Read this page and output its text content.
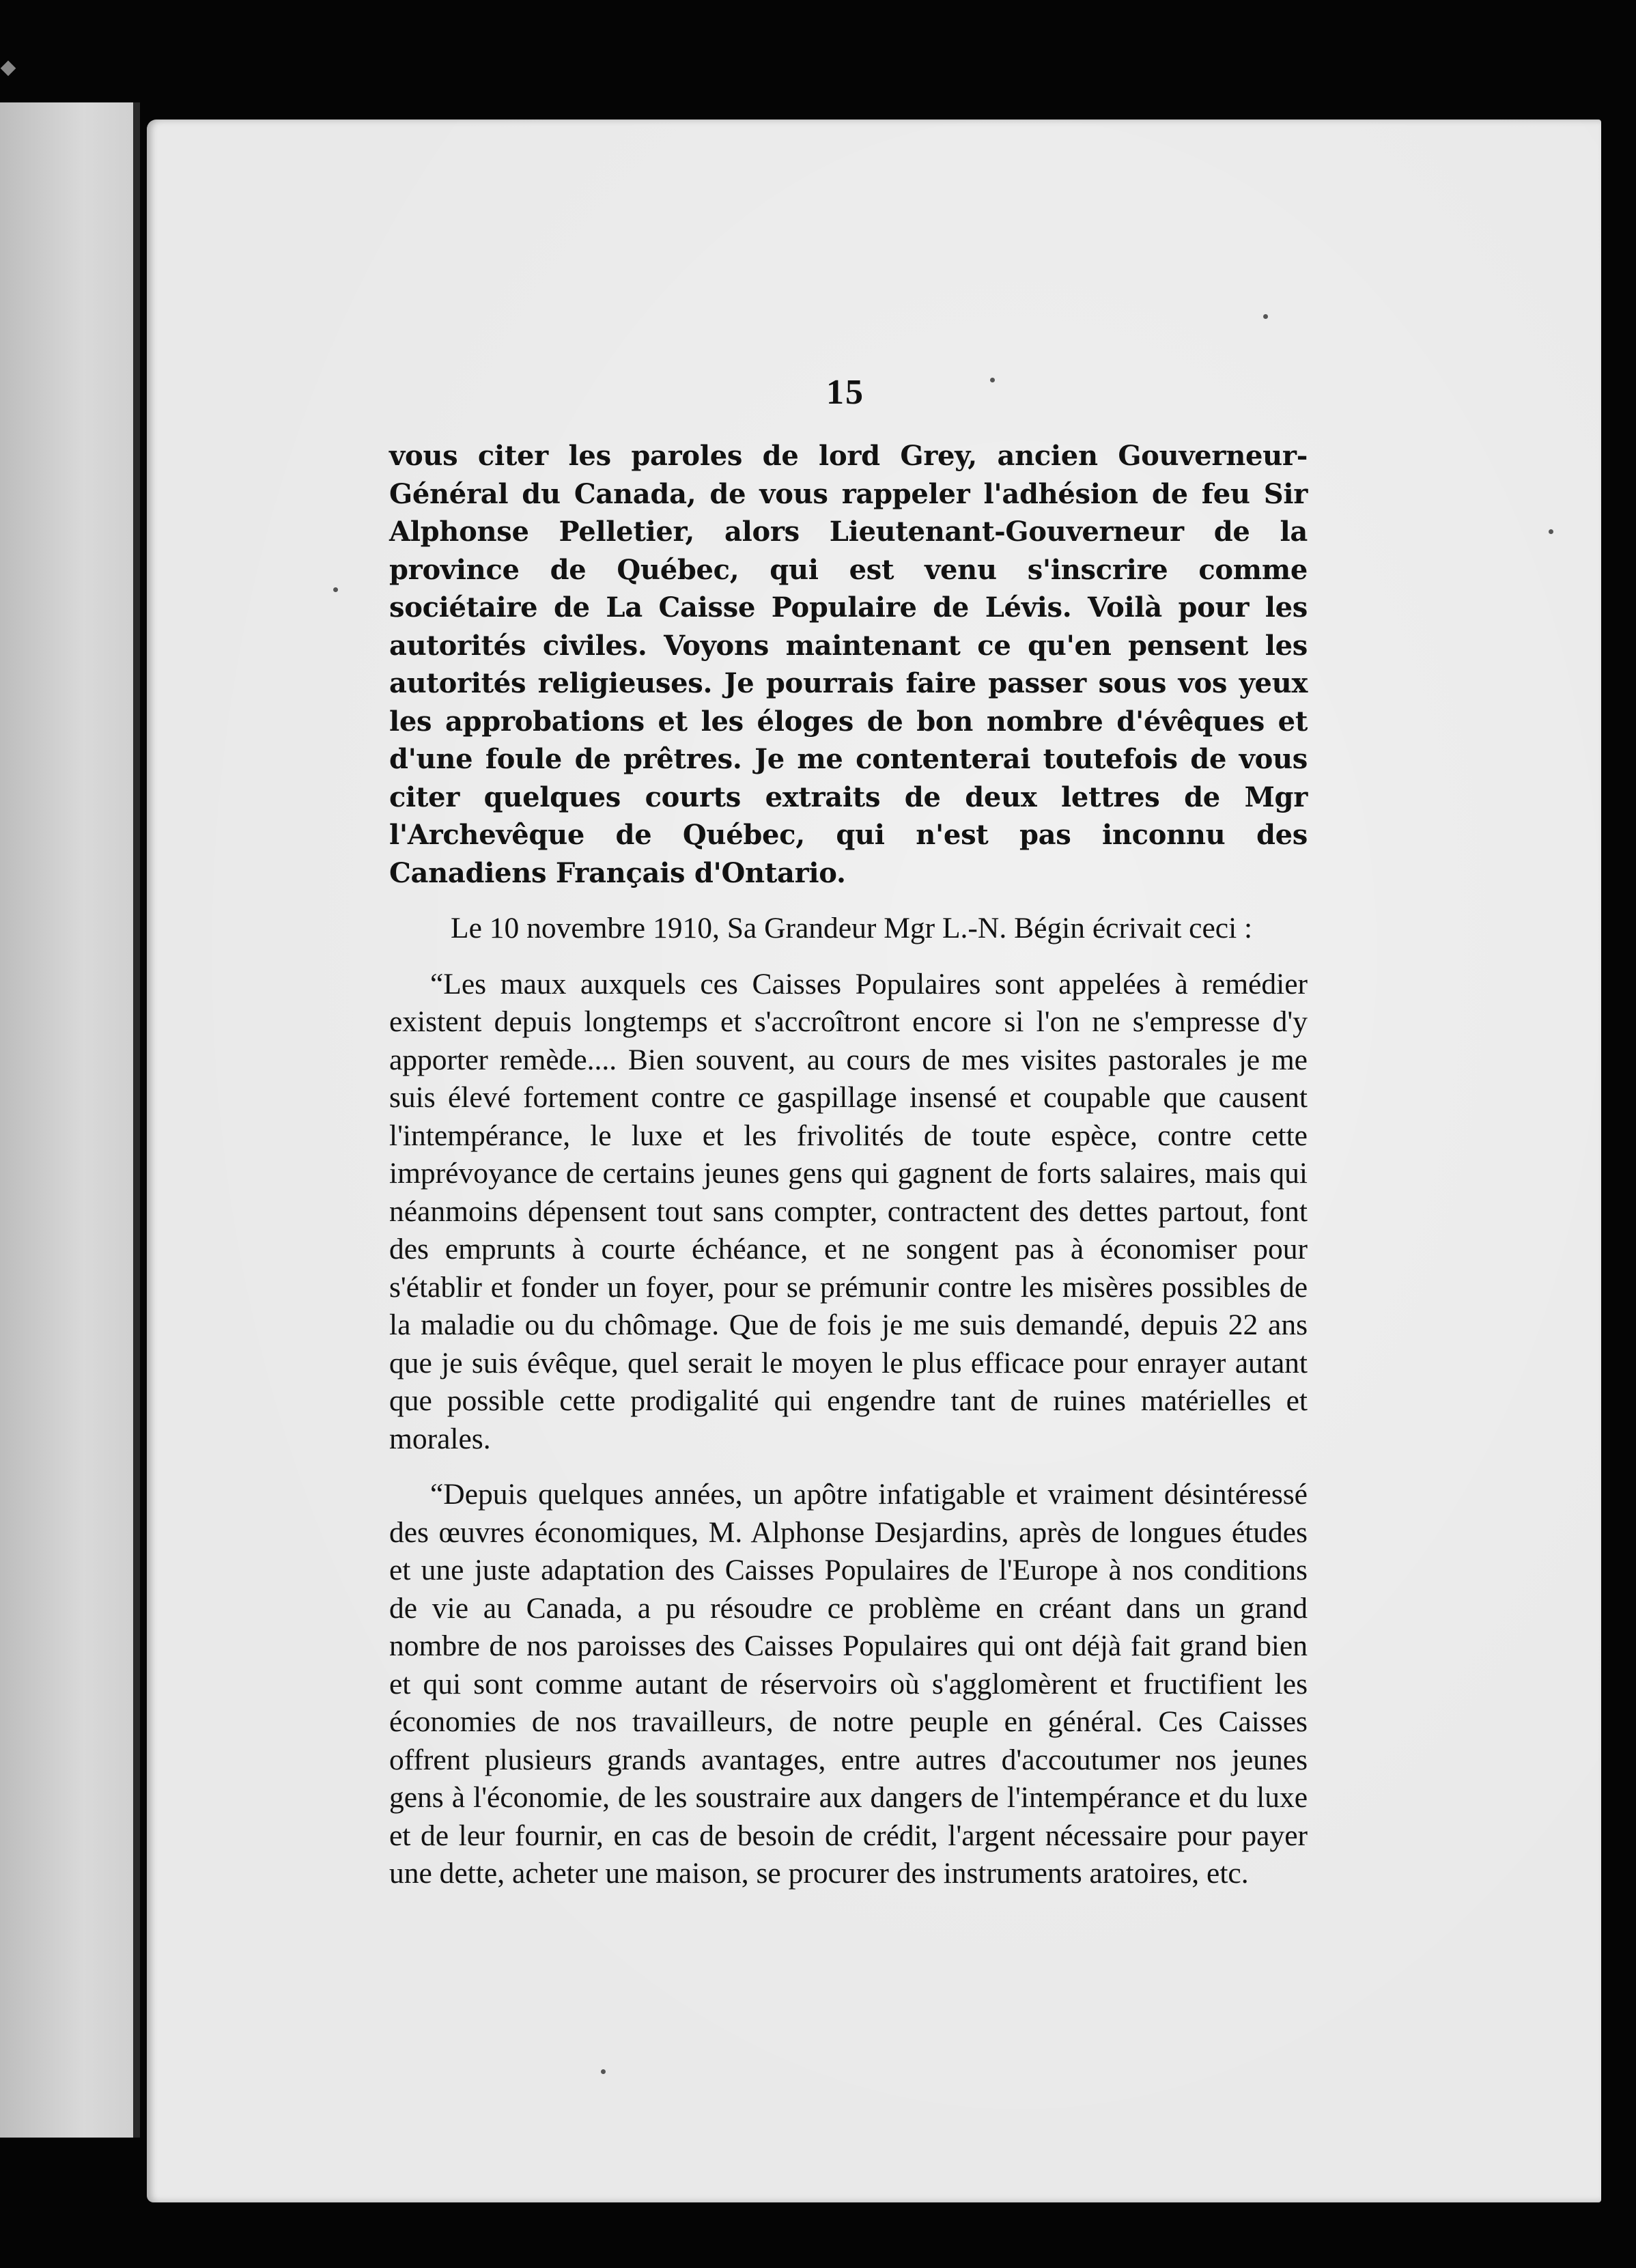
15

vous citer les paroles de lord Grey, ancien Gouverneur-Général du Canada, de vous rappeler l'adhésion de feu Sir Alphonse Pelletier, alors Lieutenant-Gouverneur de la province de Québec, qui est venu s'inscrire comme sociétaire de La Caisse Populaire de Lévis. Voilà pour les autorités civiles. Voyons maintenant ce qu'en pensent les autorités religieuses. Je pourrais faire passer sous vos yeux les approbations et les éloges de bon nombre d'évêques et d'une foule de prêtres. Je me contenterai toutefois de vous citer quelques courts extraits de deux lettres de Mgr l'Archevêque de Québec, qui n'est pas inconnu des Canadiens Français d'Ontario.

Le 10 novembre 1910, Sa Grandeur Mgr L.-N. Bégin écrivait ceci :

“Les maux auxquels ces Caisses Populaires sont appelées à remédier existent depuis longtemps et s'accroîtront encore si l'on ne s'empresse d'y apporter remède.... Bien souvent, au cours de mes visites pastorales je me suis élevé fortement contre ce gaspillage insensé et coupable que causent l'intempérance, le luxe et les frivolités de toute espèce, contre cette imprévoyance de certains jeunes gens qui gagnent de forts salaires, mais qui néanmoins dépensent tout sans compter, contractent des dettes partout, font des emprunts à courte échéance, et ne songent pas à économiser pour s'établir et fonder un foyer, pour se prémunir contre les misères possibles de la maladie ou du chômage. Que de fois je me suis demandé, depuis 22 ans que je suis évêque, quel serait le moyen le plus efficace pour enrayer autant que possible cette prodigalité qui engendre tant de ruines matérielles et morales.

“Depuis quelques années, un apôtre infatigable et vraiment désintéressé des œuvres économiques, M. Alphonse Desjardins, après de longues études et une juste adaptation des Caisses Populaires de l'Europe à nos conditions de vie au Canada, a pu résoudre ce problème en créant dans un grand nombre de nos paroisses des Caisses Populaires qui ont déjà fait grand bien et qui sont comme autant de réservoirs où s'agglomèrent et fructifient les économies de nos travailleurs, de notre peuple en général. Ces Caisses offrent plusieurs grands avantages, entre autres d'accoutumer nos jeunes gens à l'économie, de les soustraire aux dangers de l'intempérance et du luxe et de leur fournir, en cas de besoin de crédit, l'argent nécessaire pour payer une dette, acheter une maison, se procurer des instruments aratoires, etc.
